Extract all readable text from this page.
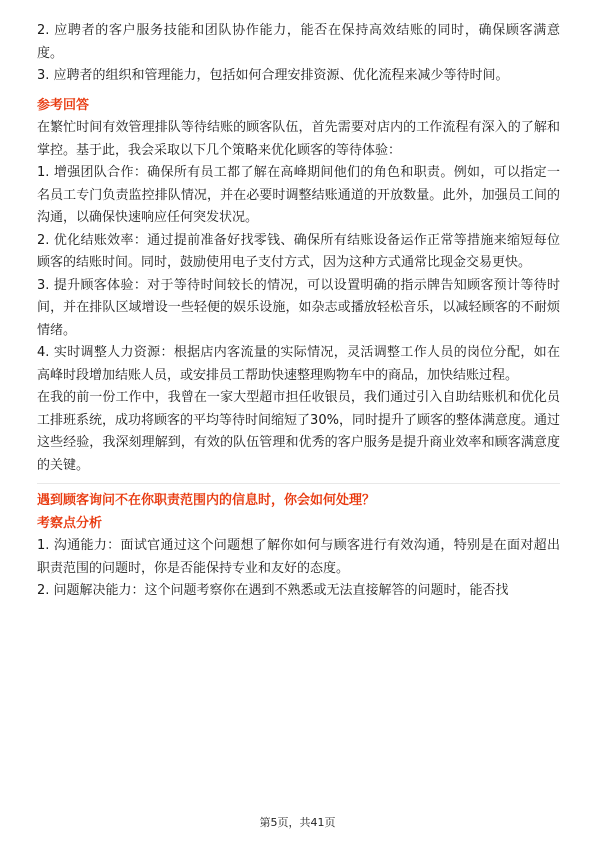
2. 应聘者的客户服务技能和团队协作能力，能否在保持高效结账的同时，确保顾客满意度。

3. 应聘者的组织和管理能力，包括如何合理安排资源、优化流程来减少等待时间。

参考回答

在繁忙时间有效管理排队等待结账的顾客队伍，首先需要对店内的工作流程有深入的了解和掌控。基于此，我会采取以下几个策略来优化顾客的等待体验：

1. 增强团队合作：确保所有员工都了解在高峰期间他们的角色和职责。例如，可以指定一名员工专门负责监控排队情况，并在必要时调整结账通道的开放数量。此外，加强员工间的沟通，以确保快速响应任何突发状况。

2. 优化结账效率：通过提前准备好找零钱、确保所有结账设备运作正常等措施来缩短每位顾客的结账时间。同时，鼓励使用电子支付方式，因为这种方式通常比现金交易更快。

3. 提升顾客体验：对于等待时间较长的情况，可以设置明确的指示牌告知顾客预计等待时间，并在排队区域增设一些轻便的娱乐设施，如杂志或播放轻松音乐，以减轻顾客的不耐烦情绪。

4. 实时调整人力资源：根据店内客流量的实际情况，灵活调整工作人员的岗位分配，如在高峰时段增加结账人员，或安排员工帮助快速整理购物车中的商品，加快结账过程。

在我的前一份工作中，我曾在一家大型超市担任收银员，我们通过引入自助结账机和优化员工排班系统，成功将顾客的平均等待时间缩短了30%，同时提升了顾客的整体满意度。通过这些经验，我深刻理解到，有效的队伍管理和优秀的客户服务是提升商业效率和顾客满意度的关键。

遇到顾客询问不在你职责范围内的信息时，你会如何处理？

考察点分析

1. 沟通能力：面试官通过这个问题想了解你如何与顾客进行有效沟通，特别是在面对超出职责范围的问题时，你是否能保持专业和友好的态度。

2. 问题解决能力：这个问题考察你在遇到不熟悉或无法直接解答的问题时，能否找

第5页，共41页
